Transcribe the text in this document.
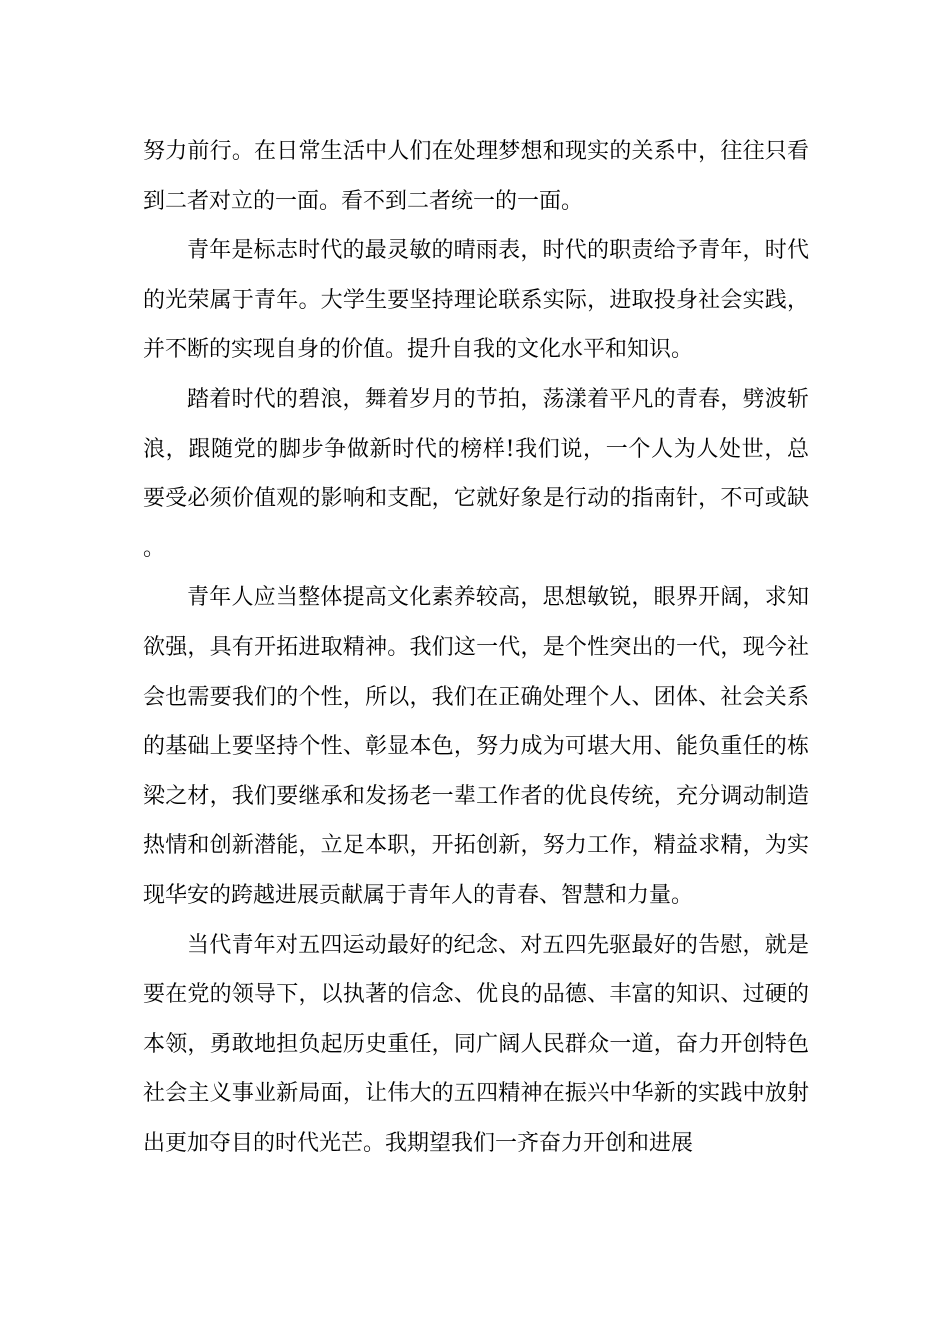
努力前行。在日常生活中人们在处理梦想和现实的关系中，往往只看到二者对立的一面。看不到二者统一的一面。

青年是标志时代的最灵敏的晴雨表，时代的职责给予青年，时代的光荣属于青年。大学生要坚持理论联系实际，进取投身社会实践，并不断的实现自身的价值。提升自我的文化水平和知识。

踏着时代的碧浪，舞着岁月的节拍，荡漾着平凡的青春，劈波斩浪，跟随党的脚步争做新时代的榜样!我们说，一个人为人处世，总要受必须价值观的影响和支配，它就好象是行动的指南针，不可或缺。

青年人应当整体提高文化素养较高，思想敏锐，眼界开阔，求知欲强，具有开拓进取精神。我们这一代，是个性突出的一代，现今社会也需要我们的个性，所以，我们在正确处理个人、团体、社会关系的基础上要坚持个性、彰显本色，努力成为可堪大用、能负重任的栋梁之材，我们要继承和发扬老一辈工作者的优良传统，充分调动制造热情和创新潜能，立足本职，开拓创新，努力工作，精益求精，为实现华安的跨越进展贡献属于青年人的青春、智慧和力量。

当代青年对五四运动最好的纪念、对五四先驱最好的告慰，就是要在党的领导下，以执著的信念、优良的品德、丰富的知识、过硬的本领，勇敢地担负起历史重任，同广阔人民群众一道，奋力开创特色社会主义事业新局面，让伟大的五四精神在振兴中华新的实践中放射出更加夺目的时代光芒。我期望我们一齐奋力开创和进展
